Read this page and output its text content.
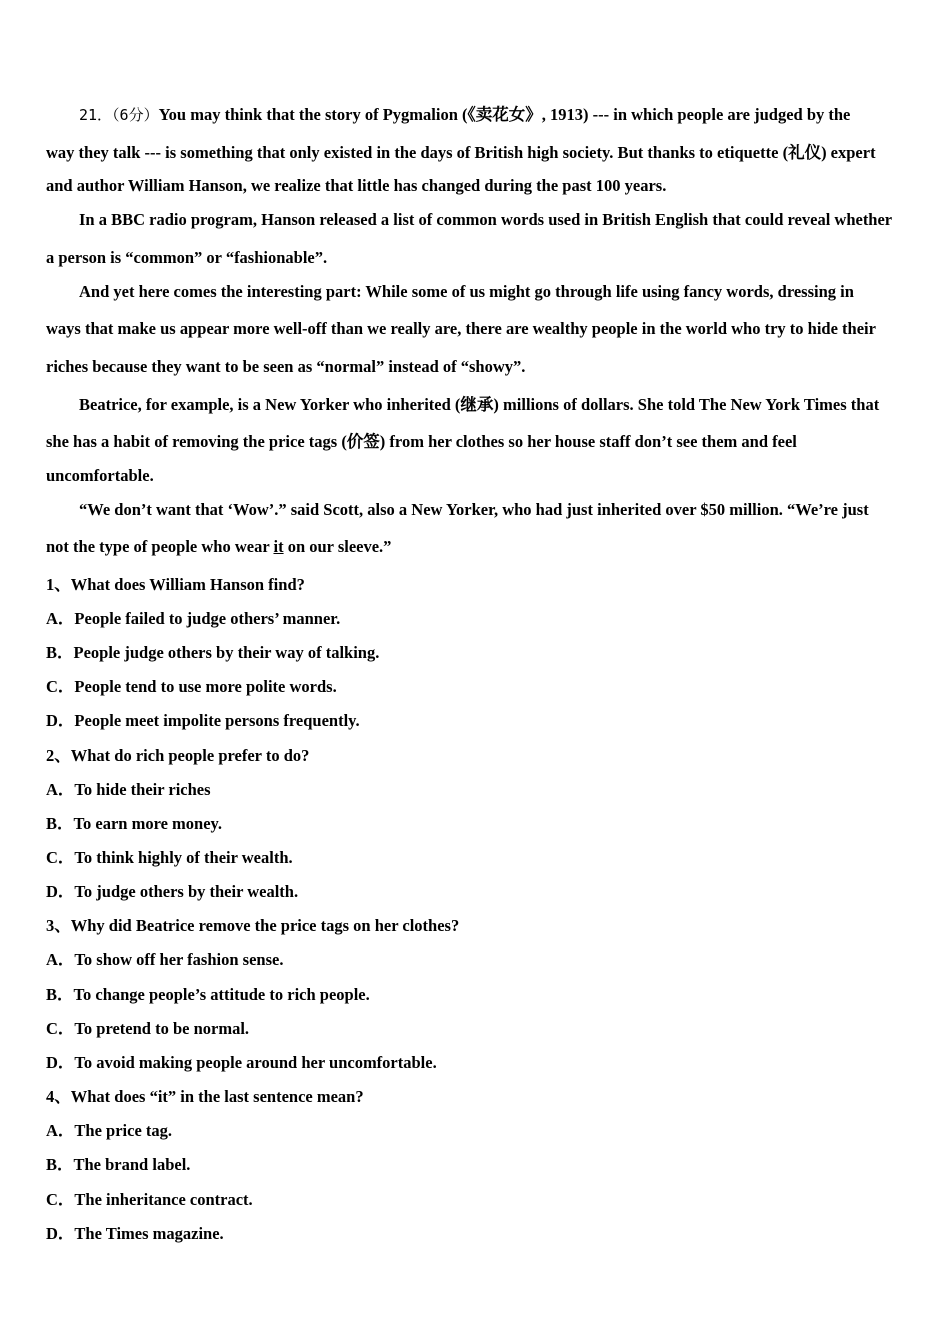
21．（6分）You may think that the story of Pygmalion (《卖花女》, 1913) --- in which people are judged by the
way they talk --- is something that only existed in the days of British high society. But thanks to etiquette (礼仪) expert
and author William Hanson, we realize that little has changed during the past 100 years.
In a BBC radio program, Hanson released a list of common words used in British English that could reveal whether
a person is “common” or “fashionable”.
And yet here comes the interesting part: While some of us might go through life using fancy words, dressing in
ways that make us appear more well-off than we really are, there are wealthy people in the world who try to hide their
riches because they want to be seen as “normal” instead of “showy”.
Beatrice, for example, is a New Yorker who inherited (继承) millions of dollars. She told The New York Times that
she has a habit of removing the price tags (价签) from her clothes so her house staff don’t see them and feel
uncomfortable.
“We don’t want that ‘Wow’.” said Scott, also a New Yorker, who had just inherited over $50 million. “We’re just
not the type of people who wear it on our sleeve.”
1、What does William Hanson find?
A．People failed to judge others’ manner.
B．People judge others by their way of talking.
C．People tend to use more polite words.
D．People meet impolite persons frequently.
2、What do rich people prefer to do?
A．To hide their riches
B．To earn more money.
C．To think highly of their wealth.
D．To judge others by their wealth.
3、Why did Beatrice remove the price tags on her clothes?
A．To show off her fashion sense.
B．To change people’s attitude to rich people.
C．To pretend to be normal.
D．To avoid making people around her uncomfortable.
4、What does “it” in the last sentence mean?
A．The price tag.
B．The brand label.
C．The inheritance contract.
D．The Times magazine.
